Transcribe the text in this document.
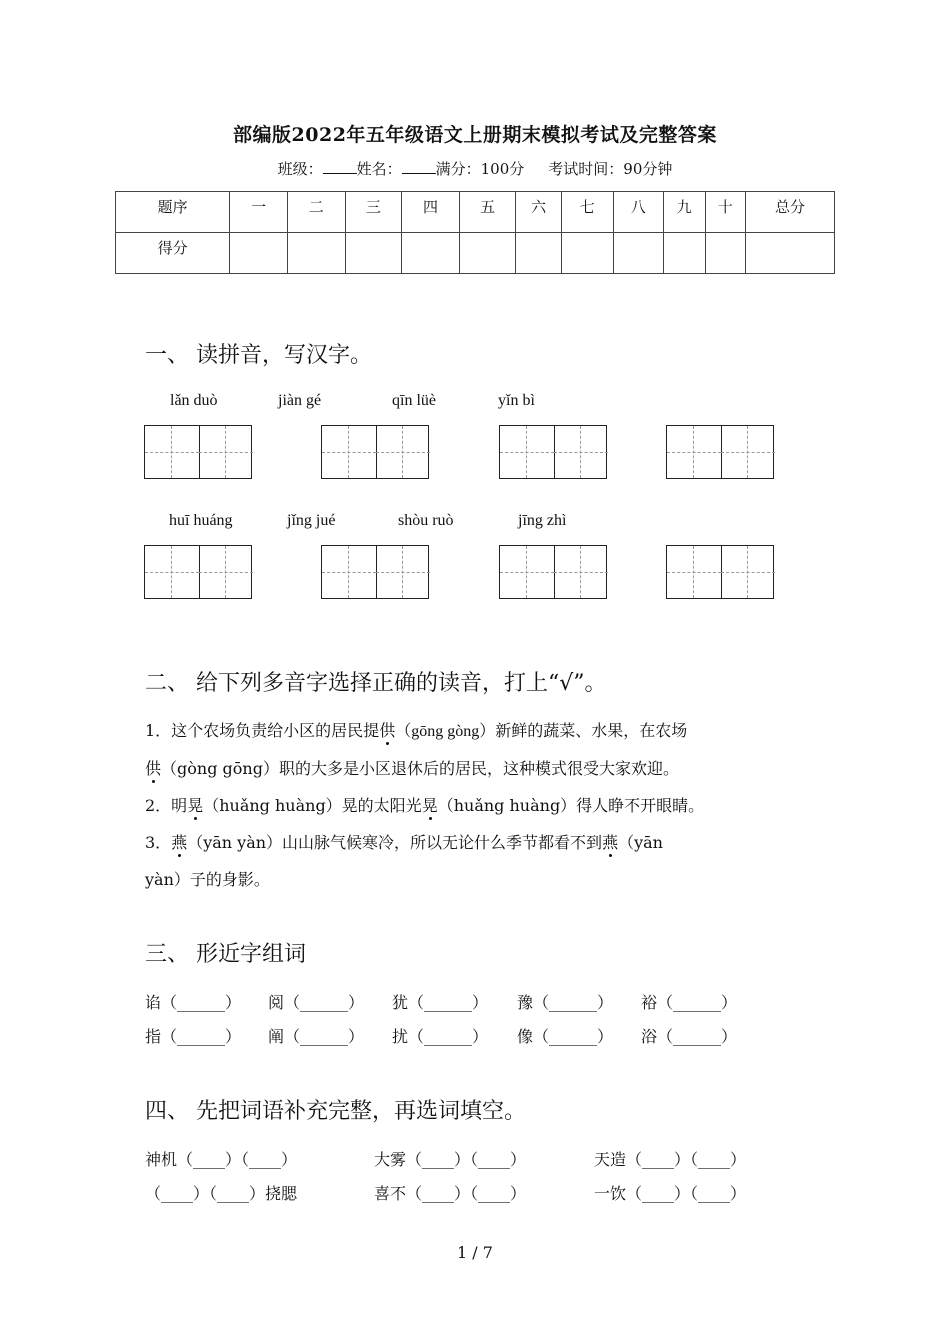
部编版2022年五年级语文上册期末模拟考试及完整答案
班级： 姓名： 满分：100分 考试时间：90分钟
题序	一	二	三	四	五	六	七	八	九	十	总分
得分											
一、 读拼音，写汉字。
lǎn duò	jiàn gé	qīn lüè	yǐn bì
huī huáng	jǐng jué	shòu ruò	jīng zhì
二、 给下列多音字选择正确的读音，打上“√”。
1．这个农场负责给小区的居民提供（gōng gòng）新鲜的蔬菜、水果，在农场
供（gòng gōng）职的大多是小区退休后的居民，这种模式很受大家欢迎。
2．明晃（huǎng huàng）晃的太阳光晃（huǎng huàng）得人睁不开眼睛。
3．燕（yān yàn）山山脉气候寒冷，所以无论什么季节都看不到燕（yān
yàn）子的身影。
三、 形近字组词
谄（______） 阅（______） 犹（______） 豫（______） 裕（______）
指（______） 阐（______） 扰（______） 像（______） 浴（______）
四、 先把词语补充完整，再选词填空。
神机（____）（____）	大雾（____）（____）	天造（____）（____）
（____）（____）挠腮	喜不（____）（____）	一饮（____）（____）
1 / 7
